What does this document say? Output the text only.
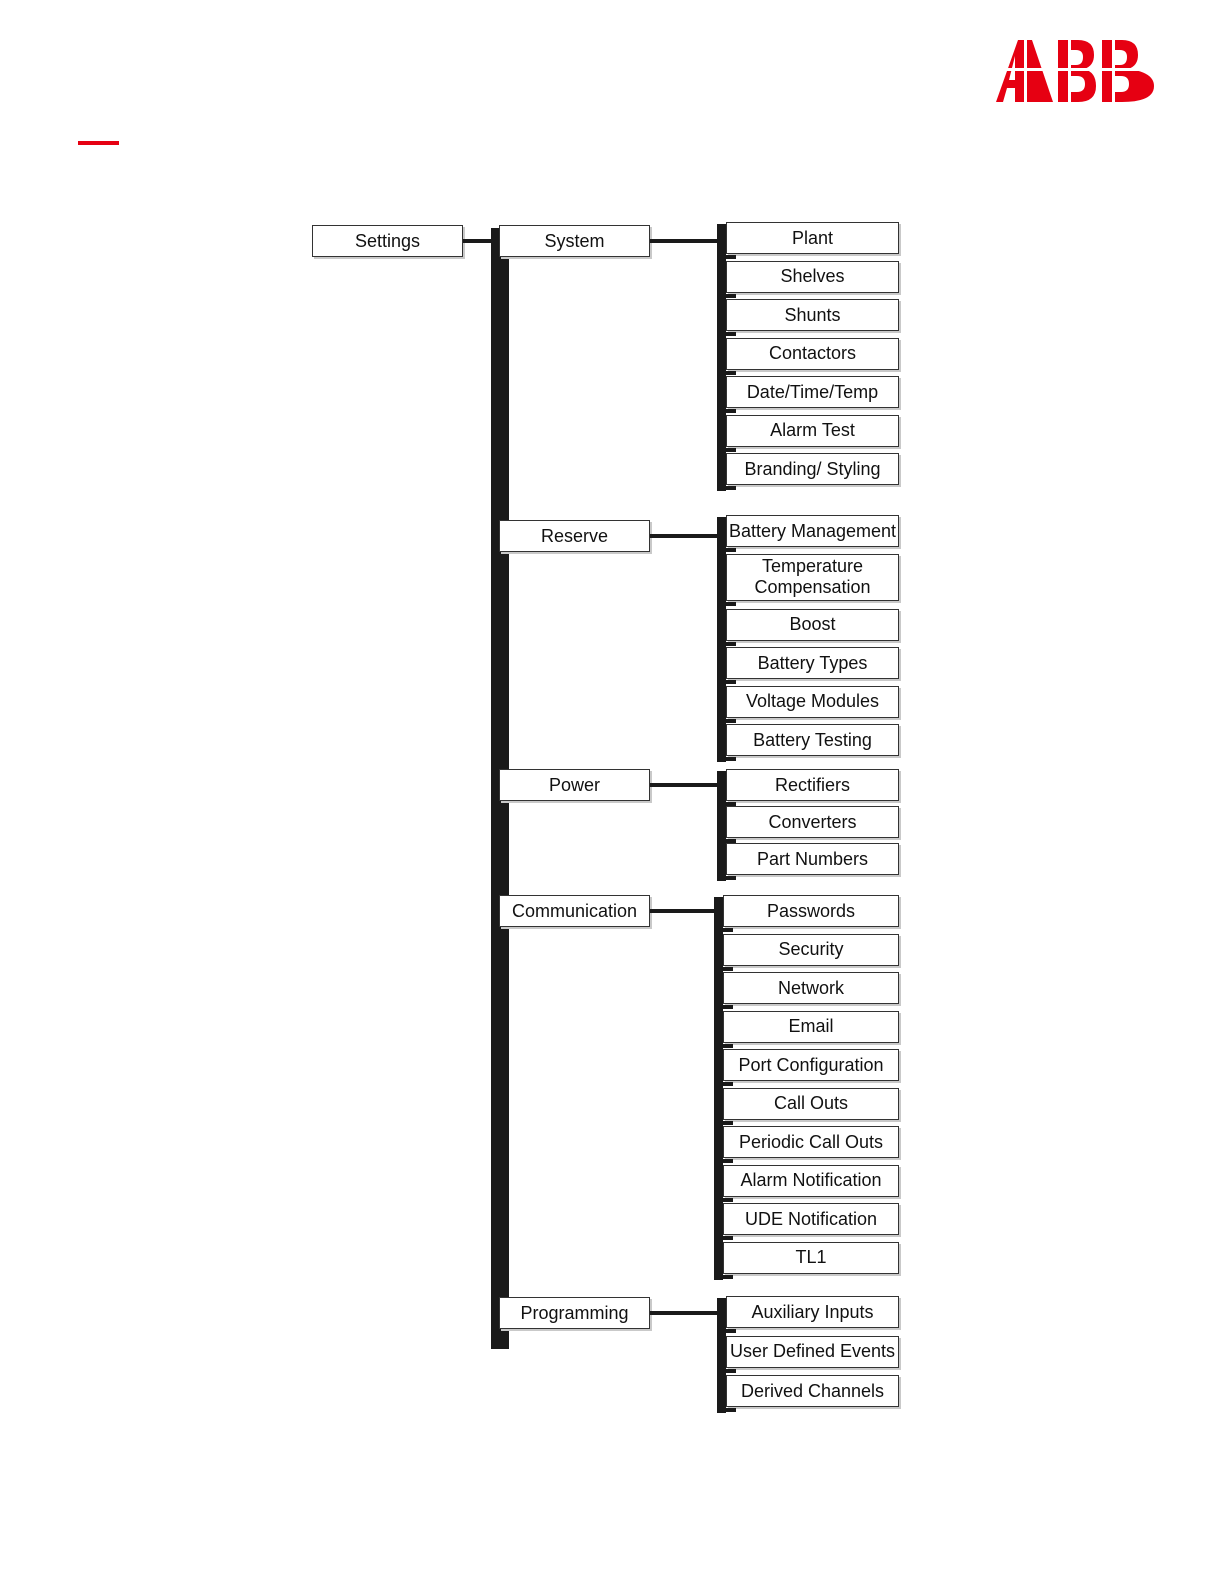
Settings	System	Plant
Shelves
Shunts
Contactors
Date/Time/Temp
Alarm Test
Branding/ Styling
Reserve	Battery Management
Temperature Compensation
Boost
Battery Types
Voltage Modules
Battery Testing
Power	Rectifiers
Converters
Part Numbers
Communication	Passwords
Security
Network
Email
Port Configuration
Call Outs
Periodic Call Outs
Alarm Notification
UDE Notification
TL1
Programming	Auxiliary Inputs
User Defined Events
Derived Channels
